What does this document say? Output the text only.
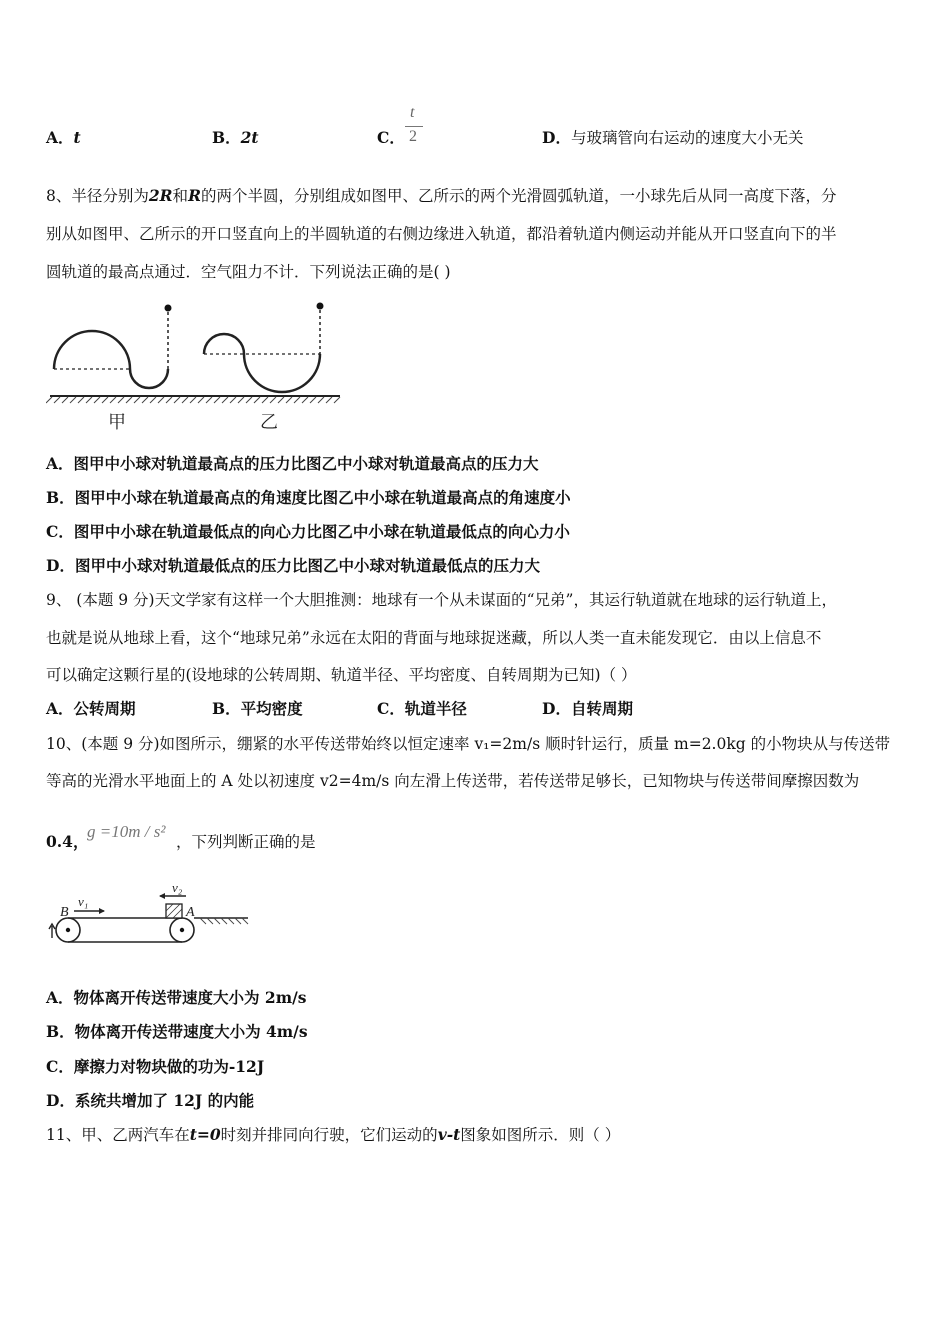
A．t	B．2t	C．
t
2	D．与玻璃管向右运动的速度大小无关
8、半径分别为2R和R的两个半圆，分别组成如图甲、乙所示的两个光滑圆弧轨道，一小球先后从同一高度下落，分
别从如图甲、乙所示的开口竖直向上的半圆轨道的右侧边缘进入轨道，都沿着轨道内侧运动并能从开口竖直向下的半
圆轨道的最高点通过．空气阻力不计．下列说法正确的是( )
甲	乙
A．图甲中小球对轨道最高点的压力比图乙中小球对轨道最高点的压力大
B．图甲中小球在轨道最高点的角速度比图乙中小球在轨道最高点的角速度小
C．图甲中小球在轨道最低点的向心力比图乙中小球在轨道最低点的向心力小
D．图甲中小球对轨道最低点的压力比图乙中小球对轨道最低点的压力大
9、 (本题 9 分)天文学家有这样一个大胆推测：地球有一个从未谋面的“兄弟”，其运行轨道就在地球的运行轨道上，
也就是说从地球上看，这个“地球兄弟”永远在太阳的背面与地球捉迷藏，所以人类一直未能发现它．由以上信息不
可以确定这颗行星的(设地球的公转周期、轨道半径、平均密度、自转周期为已知)（ ）
A．公转周期	B．平均密度	C．轨道半径	D．自转周期
10、(本题 9 分)如图所示，绷紧的水平传送带始终以恒定速率 v₁=2m/s 顺时针运行，质量 m=2.0kg 的小物块从与传送带
等高的光滑水平地面上的 A 处以初速度 v2=4m/s 向左滑上传送带，若传送带足够长，已知物块与传送带间摩擦因数为
0.4，
g =10m / s²
，下列判断正确的是
B	A
v₁
v₂
A．物体离开传送带速度大小为 2m/s
B．物体离开传送带速度大小为 4m/s
C．摩擦力对物块做的功为-12J
D．系统共增加了 12J 的内能
11、甲、乙两汽车在t=0时刻并排同向行驶，它们运动的v-t图象如图所示．则（ ）
